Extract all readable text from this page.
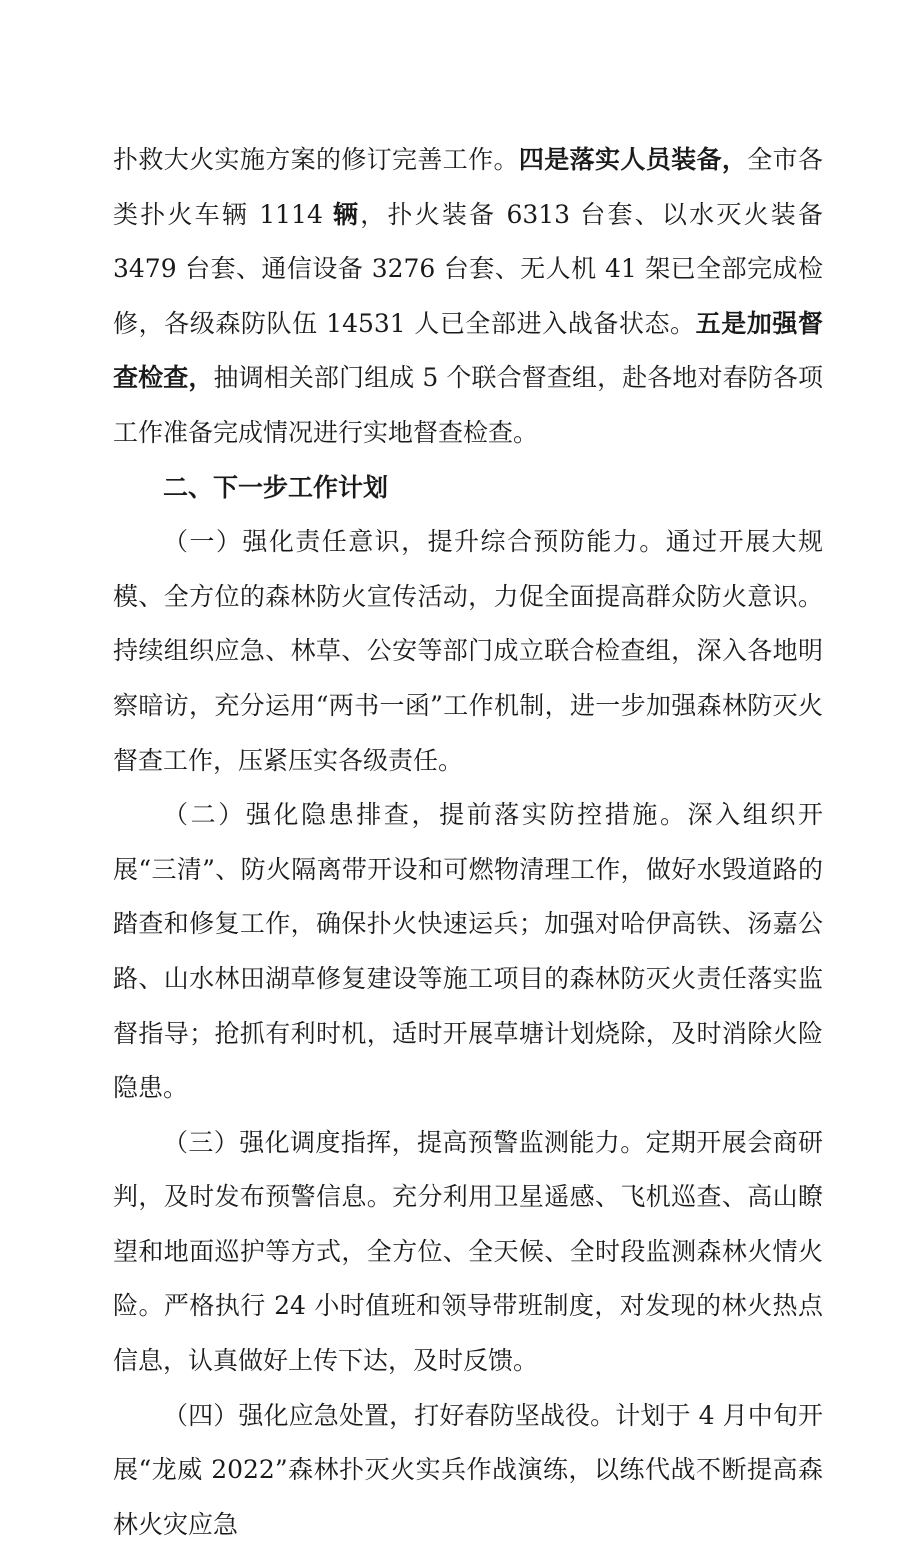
扑救大火实施方案的修订完善工作。四是落实人员装备，全市各类扑火车辆 1114 辆，扑火装备 6313 台套、以水灭火装备 3479 台套、通信设备 3276 台套、无人机 41 架已全部完成检修，各级森防队伍 14531 人已全部进入战备状态。五是加强督查检查，抽调相关部门组成 5 个联合督查组，赴各地对春防各项工作准备完成情况进行实地督查检查。

二、下一步工作计划

（一）强化责任意识，提升综合预防能力。通过开展大规模、全方位的森林防火宣传活动，力促全面提高群众防火意识。持续组织应急、林草、公安等部门成立联合检查组，深入各地明察暗访，充分运用“两书一函”工作机制，进一步加强森林防灭火督查工作，压紧压实各级责任。

（二）强化隐患排查，提前落实防控措施。深入组织开展“三清”、防火隔离带开设和可燃物清理工作，做好水毁道路的踏查和修复工作，确保扑火快速运兵；加强对哈伊高铁、汤嘉公路、山水林田湖草修复建设等施工项目的森林防灭火责任落实监督指导；抢抓有利时机，适时开展草塘计划烧除，及时消除火险隐患。

（三）强化调度指挥，提高预警监测能力。定期开展会商研判，及时发布预警信息。充分利用卫星遥感、飞机巡查、高山瞭望和地面巡护等方式，全方位、全天候、全时段监测森林火情火险。严格执行 24 小时值班和领导带班制度，对发现的林火热点信息，认真做好上传下达，及时反馈。

（四）强化应急处置，打好春防坚战役。计划于 4 月中旬开展“龙威 2022”森林扑灭火实兵作战演练，以练代战不断提高森林火灾应急
